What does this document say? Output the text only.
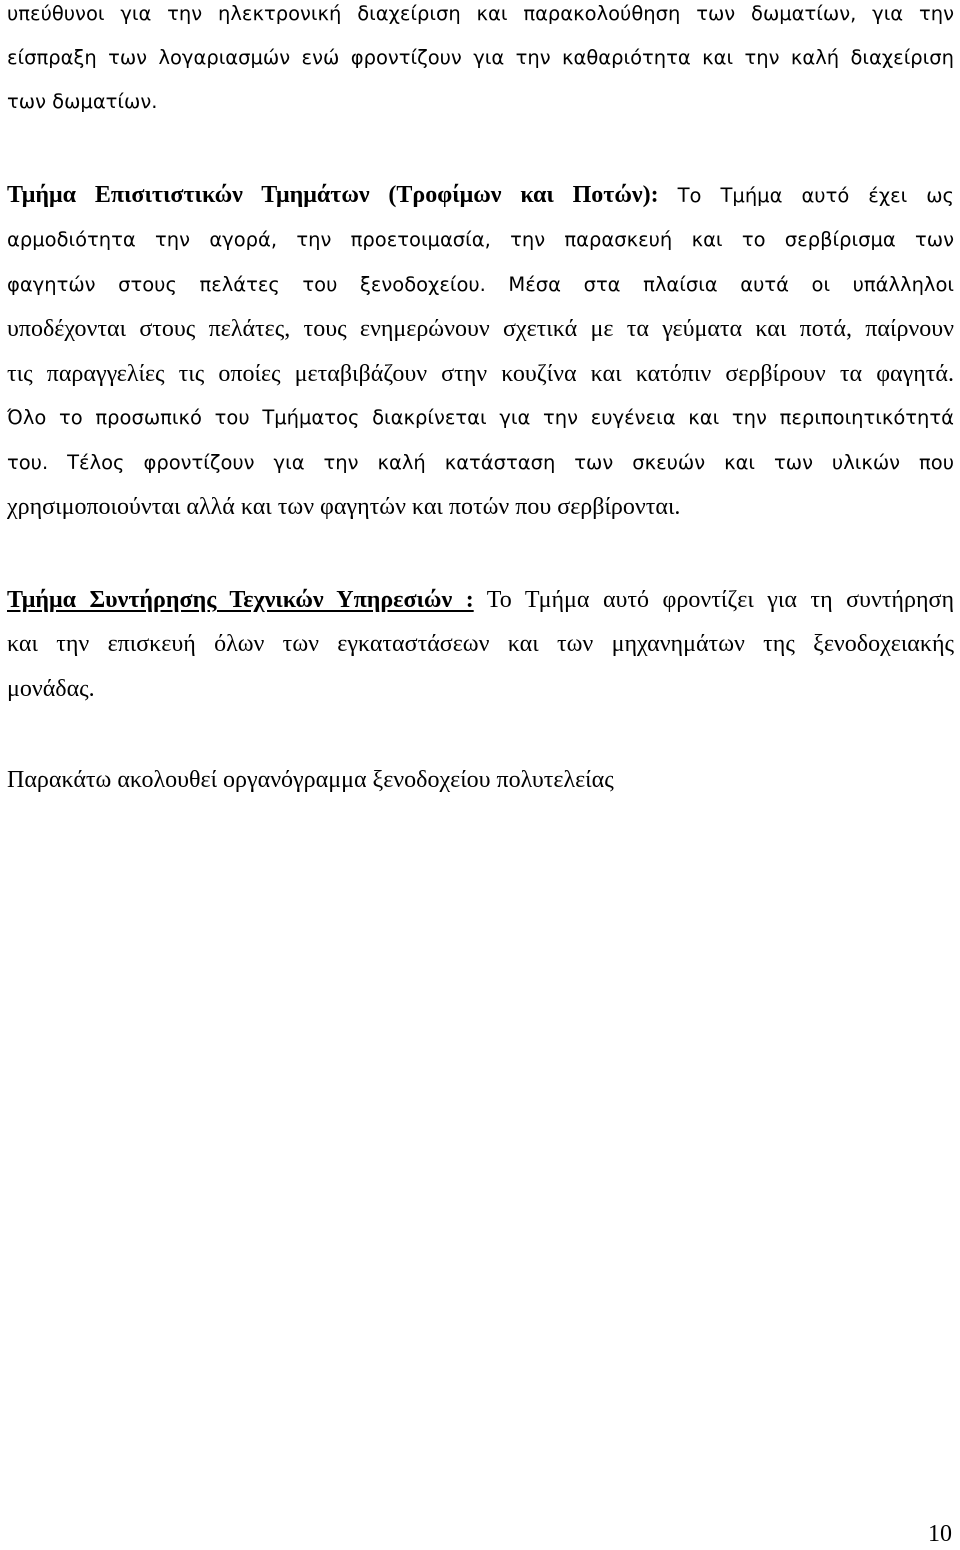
υπεύθυνοι για την ηλεκτρονική διαχείριση και παρακολούθηση των δωματίων, για την
είσπραξη των λογαριασμών ενώ φροντίζουν για την καθαριότητα και την καλή διαχείριση
των δωματίων.
Τμήμα Επισιτιστικών Τμημάτων (Τροφίμων και Ποτών): Το Τμήμα αυτό έχει ως
αρμοδιότητα την αγορά, την προετοιμασία, την παρασκευή και το σερβίρισμα των
φαγητών στους πελάτες του ξενοδοχείου. Μέσα στα πλαίσια αυτά οι υπάλληλοι
υποδέχονται στους πελάτες, τους ενημερώνουν σχετικά με τα γεύματα και ποτά, παίρνουν
τις παραγγελίες τις οποίες μεταβιβάζουν στην κουζίνα και κατόπιν σερβίρουν τα φαγητά.
Όλο το προσωπικό του Τμήματος διακρίνεται για την ευγένεια και την περιποιητικότητά
του. Τέλος φροντίζουν για την καλή κατάσταση των σκευών και των υλικών που
χρησιμοποιούνται αλλά και των φαγητών και ποτών που σερβίρονται.
Τμήμα Συντήρησης Τεχνικών Υπηρεσιών : Το Τμήμα αυτό φροντίζει για τη συντήρηση
και την επισκευή όλων των εγκαταστάσεων και των μηχανημάτων της ξενοδοχειακής
μονάδας.
Παρακάτω ακολουθεί οργανόγραμμα ξενοδοχείου πολυτελείας
10
